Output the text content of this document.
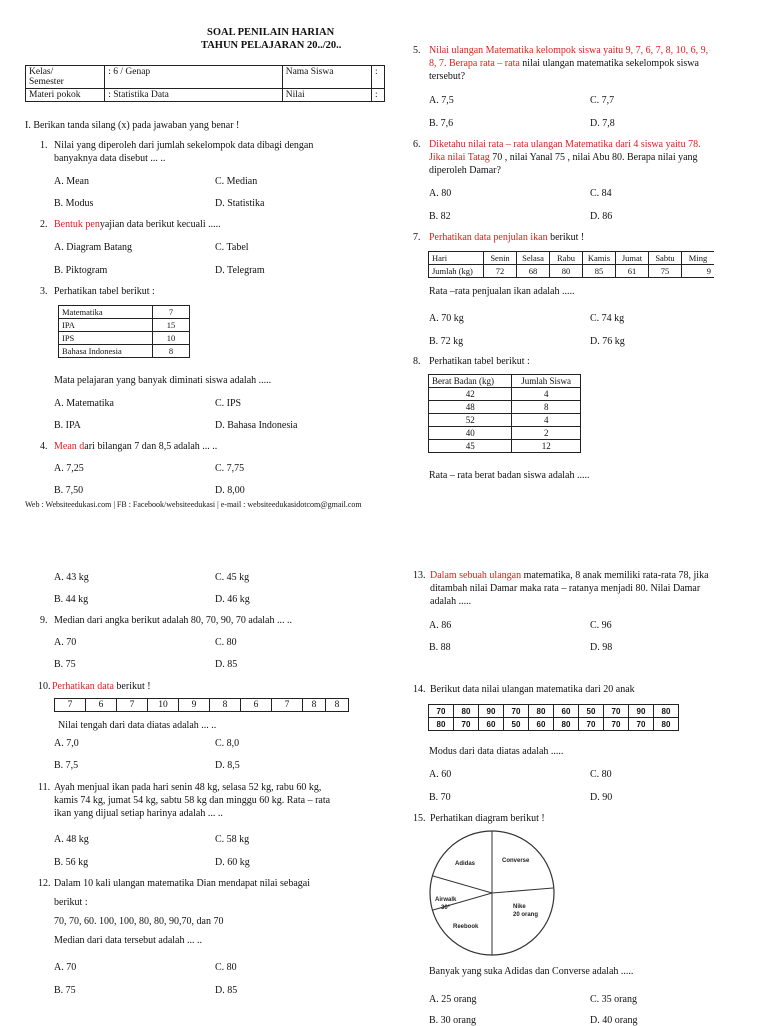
SOAL PENILAIN HARIAN
TAHUN PELAJARAN 20../20..
Kelas/
Semester	: 6 / Genap	Nama Siswa	:
Materi pokok	: Statistika Data	Nilai	:
I. Berikan tanda silang (x) pada jawaban yang benar !
1. Nilai yang diperoleh dari jumlah sekelompok data dibagi dengan
banyaknya data disebut ... ..
A. Mean	C. Median
B. Modus	D. Statistika
2. Bentuk penyajian data berikut kecuali .....
A. Diagram Batang	C. Tabel
B. Piktogram	D. Telegram
3. Perhatikan tabel berikut :
Matematika	7
IPA	15
IPS	10
Bahasa Indonesia	8
Mata pelajaran yang banyak diminati siswa adalah .....
A. Matematika	C. IPS
B. IPA	D. Bahasa Indonesia
4. Mean dari bilangan 7 dan 8,5 adalah ... ..
A. 7,25	C. 7,75
B. 7,50	D. 8,00
Web : Websiteedukasi.com | FB : Facebook/websiteedukasi | e-mail : websiteedukasidotcom@gmail.com
5. Nilai ulangan Matematika kelompok siswa yaitu 9, 7, 6, 7, 8, 10, 6, 9,
8, 7. Berapa rata – rata nilai ulangan matematika sekelompok siswa
tersebut?
A. 7,5	C. 7,7
B. 7,6	D. 7,8
6. Diketahu nilai rata – rata ulangan Matematika dari 4 siswa yaitu 78.
Jika nilai Tatag 70 , nilai Yanal 75 , nilai Abu 80. Berapa nilai yang
diperoleh Damar?
A. 80	C. 84
B. 82	D. 86
7. Perhatikan data penjulan ikan berikut !
Hari	Senin	Selasa	Rabu	Kamis	Jumat	Sabtu	Ming
Jumlah (kg)	72	68	80	85	61	75	9
Rata –rata penjualan ikan adalah .....
A. 70 kg	C. 74 kg
B. 72 kg	D. 76 kg
8. Perhatikan tabel berikut :
Berat Badan (kg)	Jumlah Siswa
42	4
48	8
52	4
40	2
45	12
Rata – rata berat badan siswa adalah .....
A. 43 kg	C. 45 kg
B. 44 kg	D. 46 kg
9. Median dari angka berikut adalah 80, 70, 90, 70 adalah ... ..
A. 70	C. 80
B. 75	D. 85
10. Perhatikan data berikut !
7	6	7	10	9	8	6	7	8	8
Nilai tengah dari data diatas adalah ... ..
A. 7,0	C. 8,0
B. 7,5	D. 8,5
11. Ayah menjual ikan pada hari senin 48 kg, selasa 52 kg, rabu 60 kg,
kamis 74 kg, jumat 54 kg, sabtu 58 kg dan minggu 60 kg. Rata – rata
ikan yang dijual setiap harinya adalah ... ..
A. 48 kg	C. 58 kg
B. 56 kg	D. 60 kg
12. Dalam 10 kali ulangan matematika Dian mendapat nilai sebagai
berikut :
70, 70, 60. 100, 100, 80, 80, 90,70, dan 70
Median dari data tersebut adalah ... ..
A. 70	C. 80
B. 75	D. 85
13. Dalam sebuah ulangan matematika, 8 anak memiliki rata-rata 78, jika
ditambah nilai Damar maka rata – ratanya menjadi 80. Nilai Damar
adalah .....
A. 86	C. 96
B. 88	D. 98
14. Berikut data nilai ulangan matematika dari 20 anak
70	80	90	70	80	60	50	70	90	80
80	70	60	50	60	80	70	70	70	80
Modus dari data diatas adalah .....
A. 60	C. 80
B. 70	D. 90
15. Perhatikan diagram berikut !
Adidas	Converse
Airwalk
30°	Nike
20 orang
Reebook
Banyak yang suka Adidas dan Converse adalah .....
A. 25 orang	C. 35 orang
B. 30 orang	D. 40 orang
